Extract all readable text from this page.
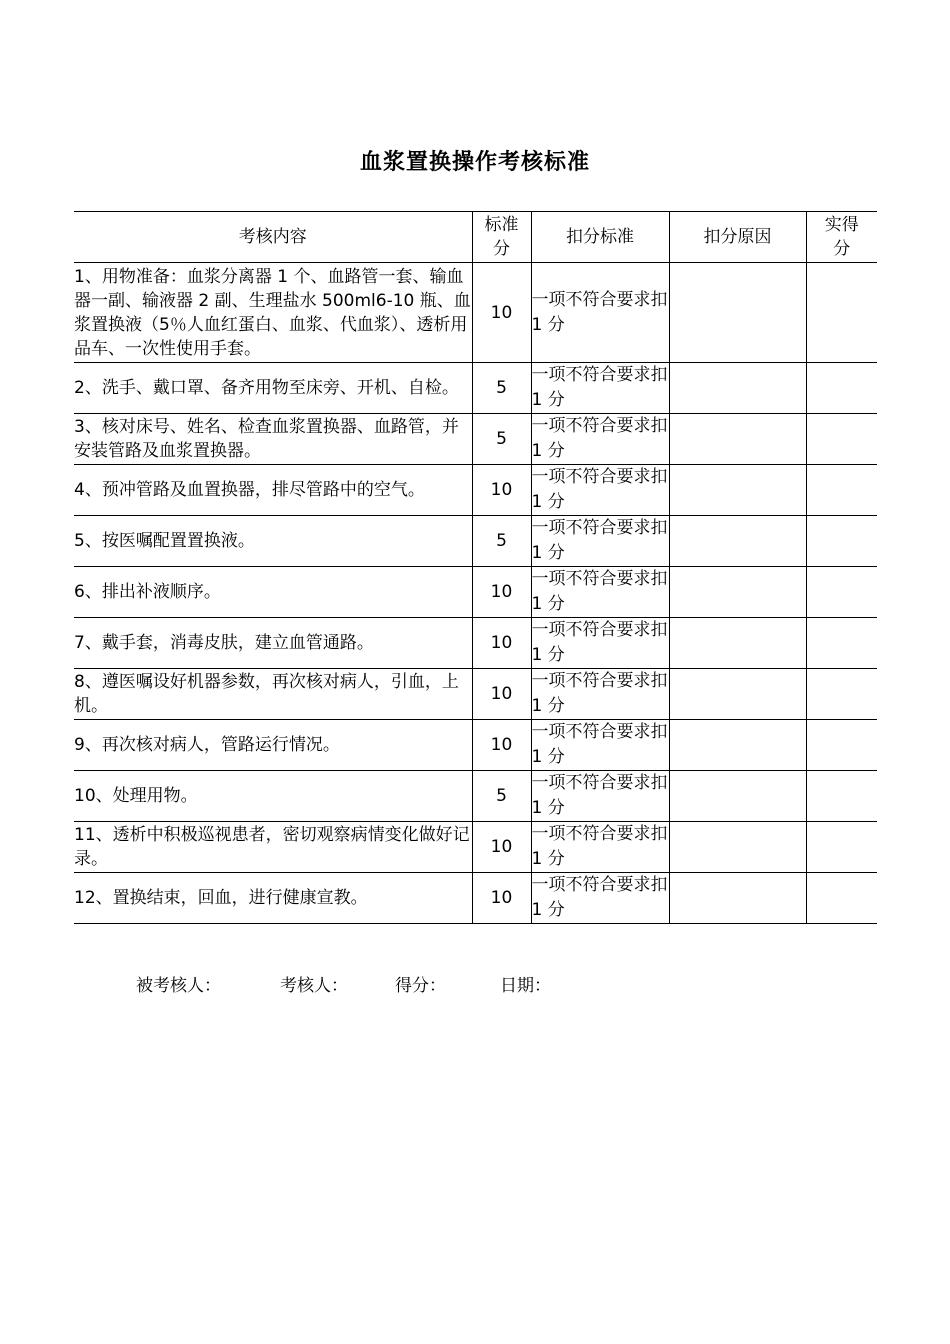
血浆置换操作考核标准
考核内容	标准分	扣分标准	扣分原因	实得分
1、用物准备：血浆分离器 1 个、血路管一套、输血器一副、输液器 2 副、生理盐水 500ml6-10 瓶、血浆置换液（5％人血红蛋白、血浆、代血浆）、透析用品车、一次性使用手套。	10	一项不符合要求扣 1 分		
2、洗手、戴口罩、备齐用物至床旁、开机、自检。	5	一项不符合要求扣 1 分		
3、核对床号、姓名、检查血浆置换器、血路管，并安装管路及血浆置换器。	5	一项不符合要求扣 1 分		
4、预冲管路及血置换器，排尽管路中的空气。	10	一项不符合要求扣 1 分		
5、按医嘱配置置换液。	5	一项不符合要求扣 1 分		
6、排出补液顺序。	10	一项不符合要求扣 1 分		
7、戴手套，消毒皮肤，建立血管通路。	10	一项不符合要求扣 1 分		
8、遵医嘱设好机器参数，再次核对病人，引血，上机。	10	一项不符合要求扣 1 分		
9、再次核对病人，管路运行情况。	10	一项不符合要求扣 1 分		
10、处理用物。	5	一项不符合要求扣 1 分		
11、透析中积极巡视患者，密切观察病情变化做好记录。	10	一项不符合要求扣 1 分		
12、置换结束，回血，进行健康宣教。	10	一项不符合要求扣 1 分		
被考核人：	考核人：	得分：	日期：
